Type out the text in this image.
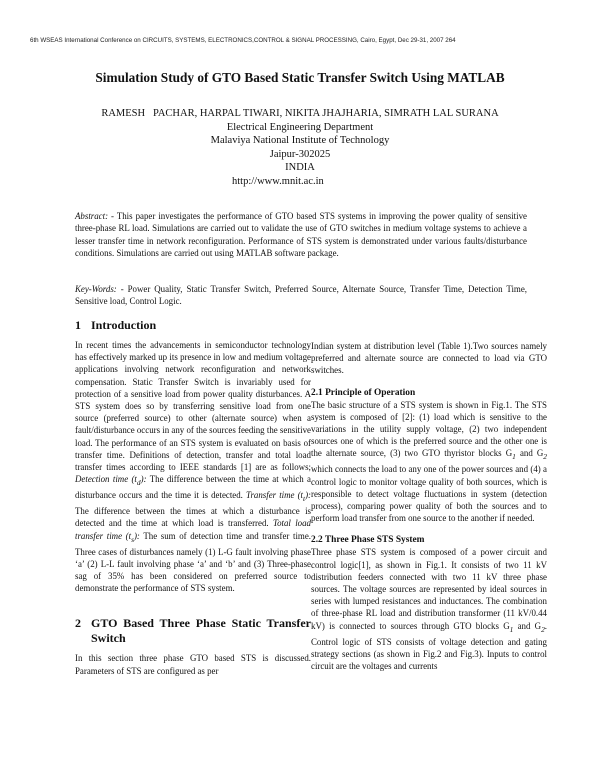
6th WSEAS International Conference on CIRCUITS, SYSTEMS, ELECTRONICS,CONTROL & SIGNAL PROCESSING, Cairo, Egypt, Dec 29-31, 2007 264
Simulation Study of GTO Based Static Transfer Switch Using MATLAB
RAMESH   PACHAR, HARPAL TIWARI, NIKITA JHAJHARIA, SIMRATH LAL SURANA
Electrical Engineering Department
Malaviya National Institute of Technology
Jaipur-302025
INDIA
http://www.mnit.ac.in
Abstract: - This paper investigates the performance of GTO based STS systems in improving the power quality of sensitive three-phase RL load. Simulations are carried out to validate the use of GTO switches in medium voltage systems to achieve a lesser transfer time in network reconfiguration. Performance of STS system is demonstrated under various faults/disturbance conditions. Simulations are carried out using MATLAB software package.
Key-Words: - Power Quality, Static Transfer Switch, Preferred Source, Alternate Source, Transfer Time, Detection Time, Sensitive load, Control Logic.
1 Introduction

In recent times the advancements in semiconductor technology has effectively marked up its presence in low and medium voltage applications involving network reconfiguration and network compensation. Static Transfer Switch is invariably used for protection of a sensitive load from power quality disturbances. A STS system does so by transferring sensitive load from one source (preferred source) to other (alternate source) when a fault/disturbance occurs in any of the sources feeding the sensitive load. The performance of an STS system is evaluated on basis of transfer time. Definitions of detection, transfer and total load transfer times according to IEEE standards [1] are as follows; Detection time $(t_d)$: The difference between the time at which a disturbance occurs and the time it is detected. Transfer time $(t_t)$: The difference between the times at which a disturbance is detected and the time at which load is transferred. Total load transfer time $(t_s)$: The sum of detection time and transfer time. Three cases of disturbances namely (1) L-G fault involving phase ‘a’ (2) L-L fault involving phase ‘a’ and ‘b’ and (3) Three-phase sag of 35% has been considered on preferred source to demonstrate the performance of STS system.

2 GTO Based Three Phase Static Transfer Switch

In this section three phase GTO based STS is discussed. Parameters of STS are configured as per

Indian system at distribution level (Table 1).Two sources namely preferred and alternate source are connected to load via GTO switches.

2.1 Principle of Operation

The basic structure of a STS system is shown in Fig.1. The STS system is composed of [2]: (1) load which is sensitive to the variations in the utility supply voltage, (2) two independent sources one of which is the preferred source and the other one is the alternate source, (3) two GTO thyristor blocks $G_1$ and $G_2$ which connects the load to any one of the power sources and (4) a control logic to monitor voltage quality of both sources, which is responsible to detect voltage fluctuations in system (detection process), comparing power quality of both the sources and to perform load transfer from one source to the another if needed.

2.2 Three Phase STS System

Three phase STS system is composed of a power circuit and control logic[1], as shown in Fig.1. It consists of two 11 kV distribution feeders connected with two 11 kV three phase sources. The voltage sources are represented by ideal sources in series with lumped resistances and inductances. The combination of three-phase RL load and distribution transformer (11 kV/0.44 kV) is connected to sources through GTO blocks $G_1$ and $G_2$. Control logic of STS consists of voltage detection and gating strategy sections (as shown in Fig.2 and Fig.3). Inputs to control circuit are the voltages and currents
